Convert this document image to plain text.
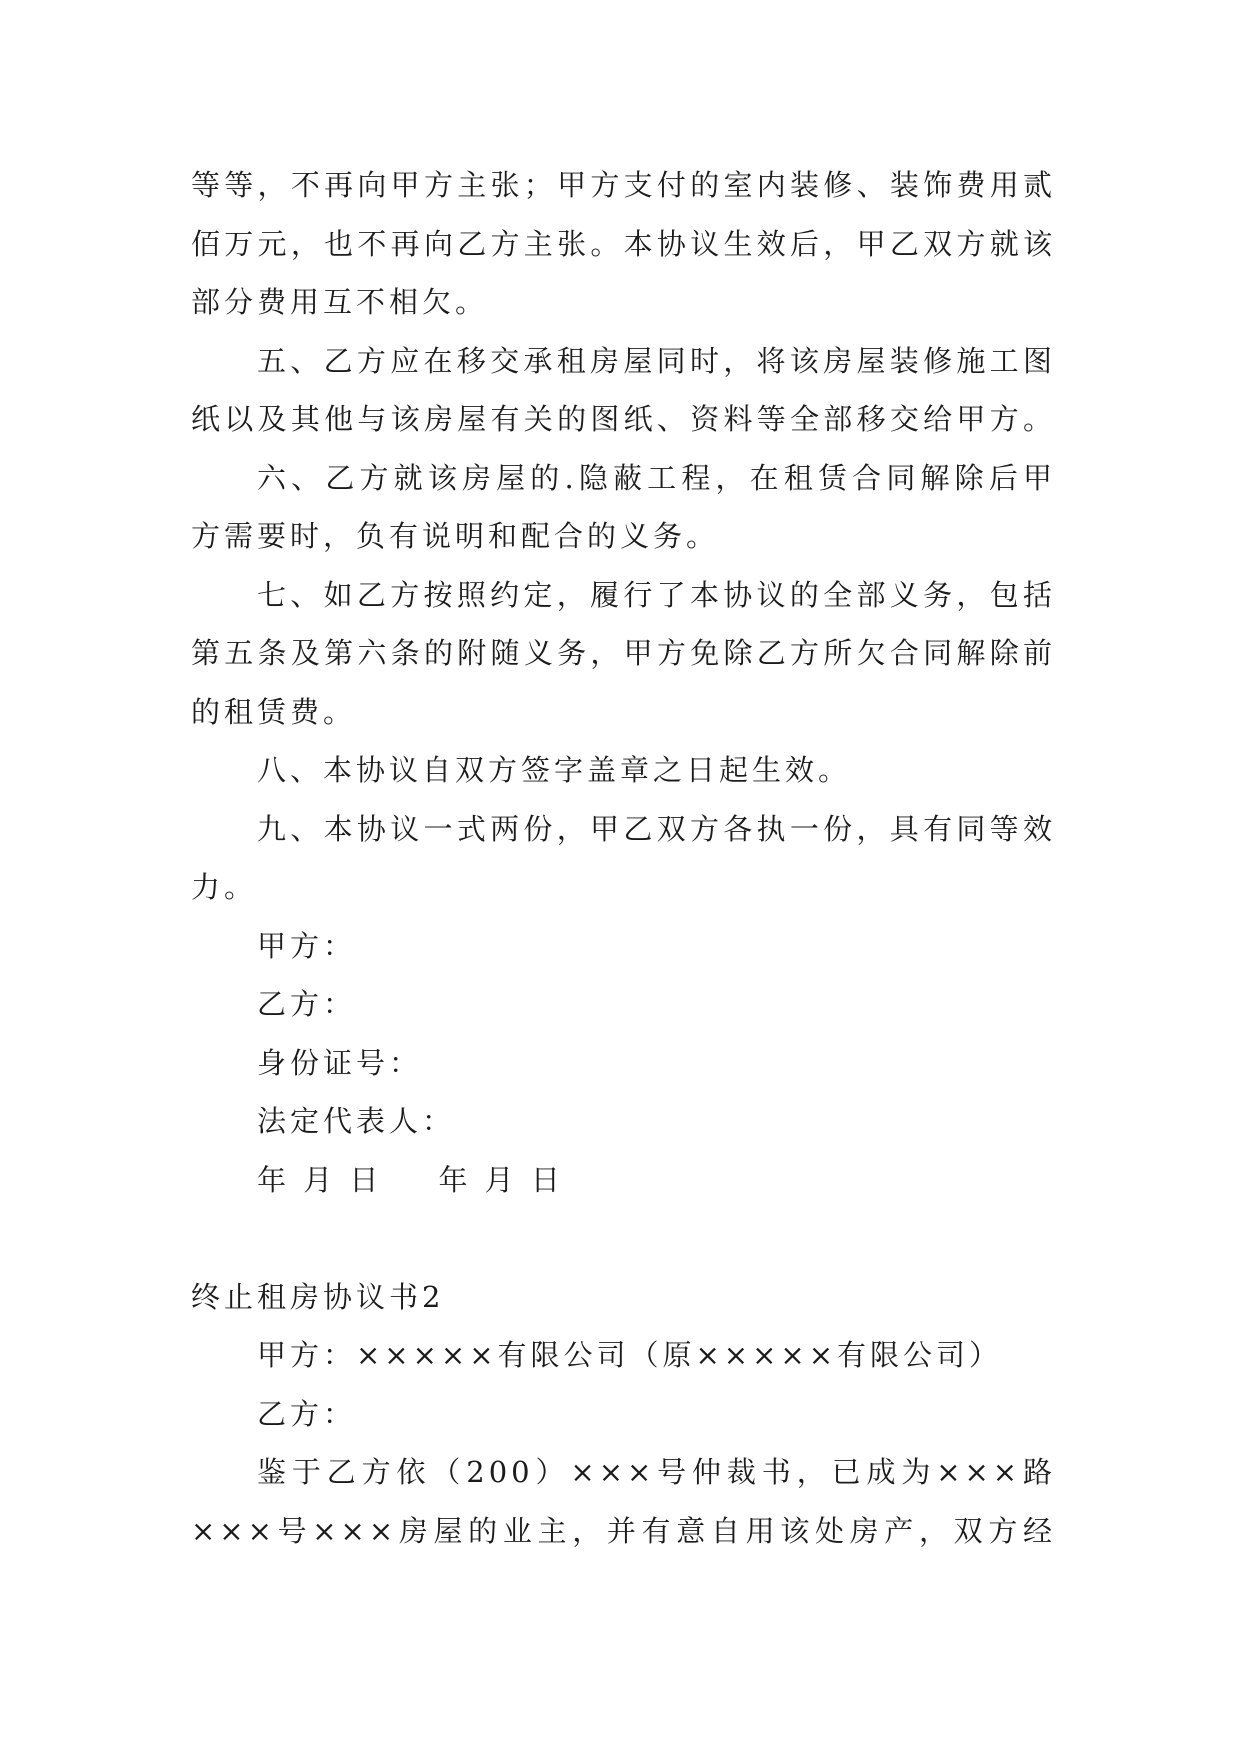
等等，不再向甲方主张；甲方支付的室内装修、装饰费用贰
佰万元，也不再向乙方主张。本协议生效后，甲乙双方就该
部分费用互不相欠。
五、乙方应在移交承租房屋同时，将该房屋装修施工图
纸以及其他与该房屋有关的图纸、资料等全部移交给甲方。
六、乙方就该房屋的.隐蔽工程，在租赁合同解除后甲
方需要时，负有说明和配合的义务。
七、如乙方按照约定，履行了本协议的全部义务，包括
第五条及第六条的附随义务，甲方免除乙方所欠合同解除前
的租赁费。
八、本协议自双方签字盖章之日起生效。
九、本协议一式两份，甲乙双方各执一份，具有同等效
力。
甲方：
乙方：
身份证号：
法定代表人：
年 月 日 年 月 日
终止租房协议书2
甲方：×××××有限公司（原×××××有限公司）
乙方：
鉴于乙方依（200）×××号仲裁书，已成为×××路
×××号×××房屋的业主，并有意自用该处房产，双方经
